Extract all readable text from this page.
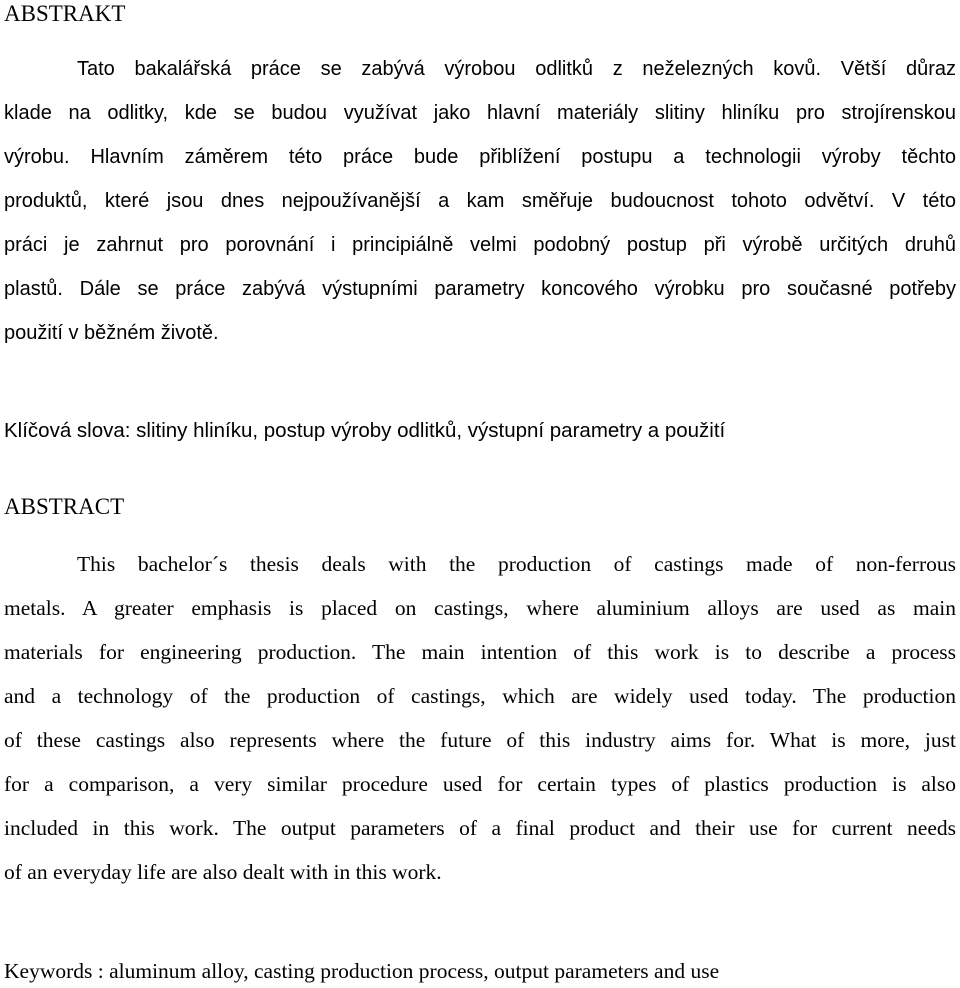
ABSTRAKT
Tato bakalářská práce se zabývá výrobou odlitků z neželezných kovů. Větší důraz
klade na odlitky, kde se budou využívat jako hlavní materiály slitiny hliníku pro strojírenskou
výrobu. Hlavním záměrem této práce bude přiblížení postupu a technologii výroby těchto
produktů, které jsou dnes nejpoužívanější a kam směřuje budoucnost tohoto odvětví. V této
práci je zahrnut pro porovnání i principiálně velmi podobný postup při výrobě určitých druhů
plastů. Dále se práce zabývá výstupními parametry koncového výrobku pro současné potřeby
použití v běžném životě.

Klíčová slova: slitiny hliníku, postup výroby odlitků, výstupní parametry a použití

ABSTRACT
This bachelor´s thesis deals with the production of castings made of non-ferrous
metals. A greater emphasis is placed on castings, where aluminium alloys are used as main
materials for engineering production. The main intention of this work is to describe a process
and a technology of the production of castings, which are widely used today. The production
of these castings also represents where the future of this industry aims for. What is more, just
for a comparison, a very similar procedure used for certain types of plastics production is also
included in this work. The output parameters of a final product and their use for current needs
of an everyday life are also dealt with in this work.

Keywords : aluminum alloy, casting production process, output parameters and use
